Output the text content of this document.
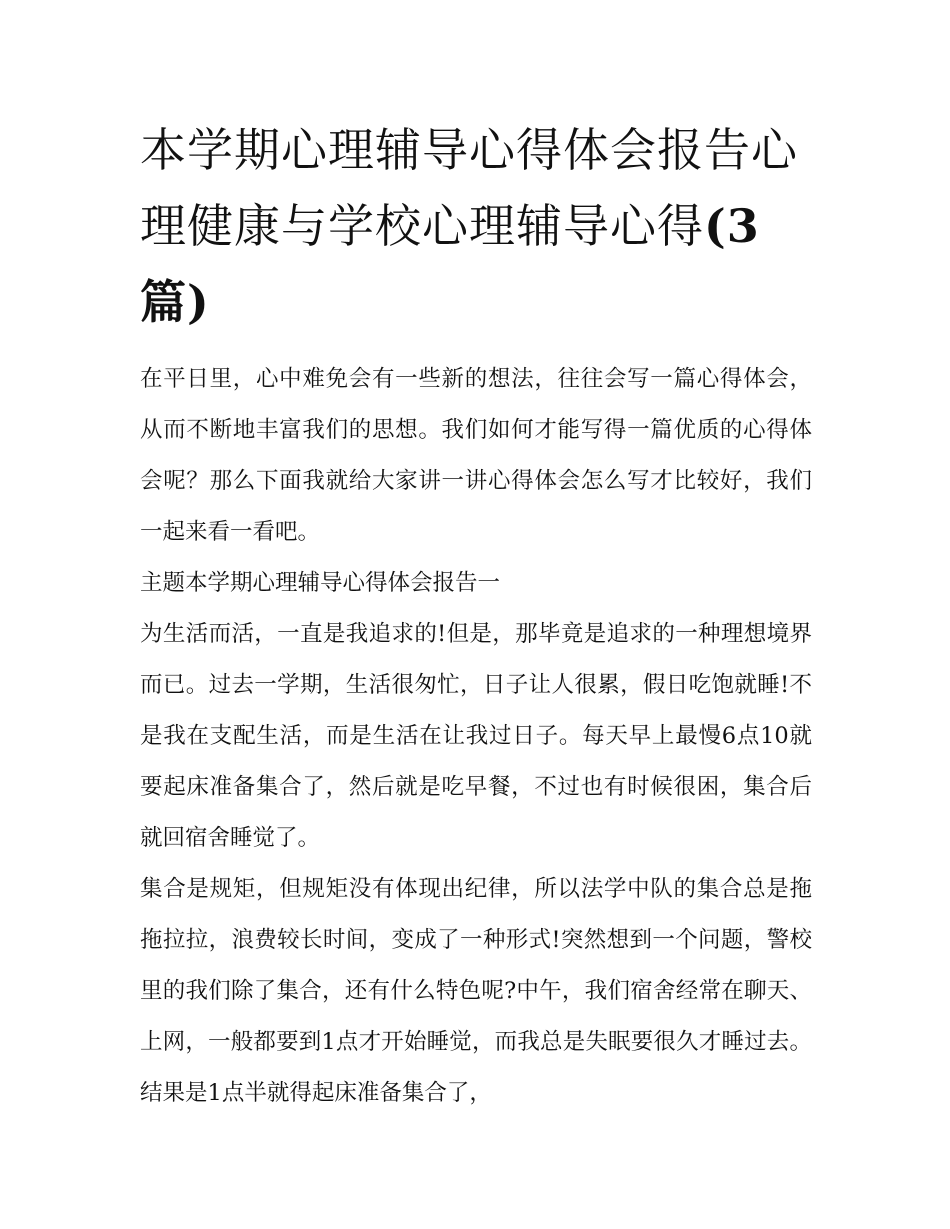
本学期心理辅导心得体会报告心理健康与学校心理辅导心得(3篇)

在平日里，心中难免会有一些新的想法，往往会写一篇心得体会，从而不断地丰富我们的思想。我们如何才能写得一篇优质的心得体会呢？那么下面我就给大家讲一讲心得体会怎么写才比较好，我们一起来看一看吧。

主题本学期心理辅导心得体会报告一

为生活而活，一直是我追求的!但是，那毕竟是追求的一种理想境界而已。过去一学期，生活很匆忙，日子让人很累，假日吃饱就睡!不是我在支配生活，而是生活在让我过日子。每天早上最慢6点10就要起床准备集合了，然后就是吃早餐，不过也有时候很困，集合后就回宿舍睡觉了。

集合是规矩，但规矩没有体现出纪律，所以法学中队的集合总是拖拖拉拉，浪费较长时间，变成了一种形式!突然想到一个问题，警校里的我们除了集合，还有什么特色呢?中午，我们宿舍经常在聊天、上网，一般都要到1点才开始睡觉，而我总是失眠要很久才睡过去。结果是1点半就得起床准备集合了，
